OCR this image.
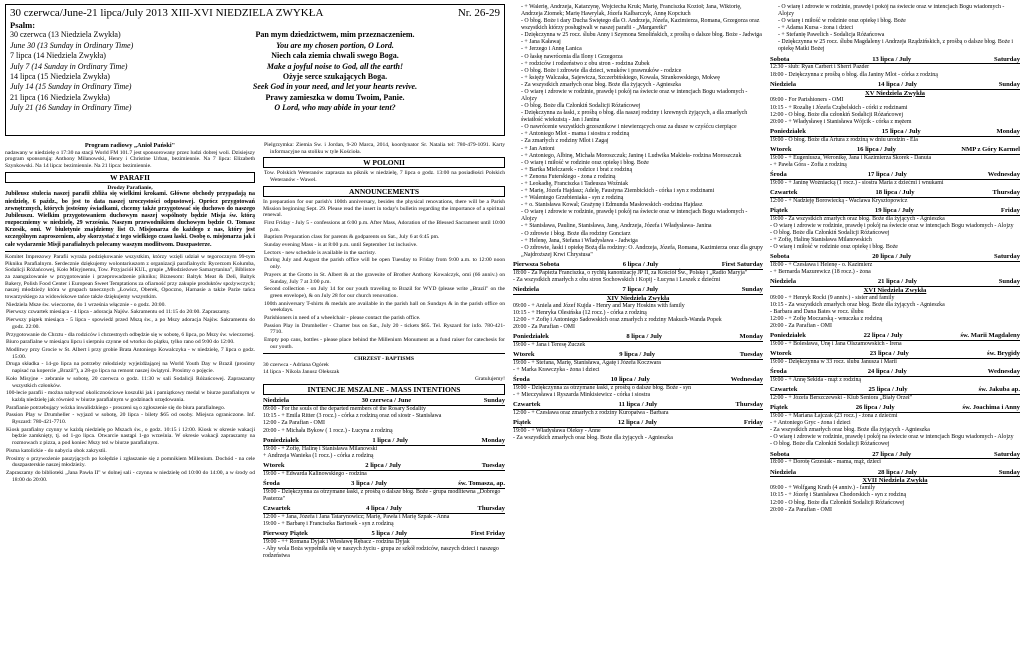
30 czerwca/June-21 lipca/July 2013 XIII-XVI NIEDZIELA ZWYKŁA	Nr. 26-29
Psalm:
30 czerwca (13 Niedziela Zwykła)	Pan mym dziedzictwem, mim przeznaczeniem.
June 30 (13 Sunday in Ordinary Time)	You are my chosen portion, O Lord.
7 lipca (14 Niedziela Zwykła)	Niech cała ziemia chwali swego Boga.
July 7 (14 Sunday in Ordinary Time)	Make a joyful noise to God, all the earth!
14 lipca (15 Niedziela Zwykła)	Ożyje serce szukających Boga.
July 14 (15 Sunday in Ordinary Time)	Seek God in your need, and let your hearts revive.
21 lipca (16 Niedziela Zwykła)	Prawy zamieszka w domu Twoim, Panie.
July 21 (16 Sunday in Ordinary Time)	O Lord, who may abide in your tent?
Program radiowy „Anioł Pański"

nadawany w niedzielę o 17:30 na stacji World FM 101.7 jest sponsorowany przez ludzi dobrej woli. Dzisiejszy program sponsorują: Anthony Milanowski, Henry i Christine Urban, bezimiennie. Na 7 lipca: Elizabeth Szynkowski. Na 14 lipca: bezimiennie. Na 21 lipca: bezimiennie.

W PARAFII
Drodzy Parafianie,

Jubileusz stulecia naszej parafii zbliża się wielkimi krokami. Główne obchody przypadają na niedzielę, 6 paźdz., bo jest to data naszej uroczystości odpustowej. Oprócz przygotowań zewnętrznych, których jesteśmy świadkami, chcemy także przygotować się duchowo do naszego Jubileuszu. Wielkim przygotowaniem duchowym naszej wspólnoty będzie Misja św. którą rozpoczniemy w niedzielę, 29 września. Naszym przewodnikiem duchowym będzie O. Tomasz Krzesik, omi. W biuletynie znajdziemy list O. Misjonarza do każdego z nas, który jest szczególnym zaproszeniem, aby skorzystać z tego wielkiego czasu łaski. Osobę o. misjonarza jak i całe wydarzenie Misji parafialnych polecamy waszym modlitwom. Duszpasterze.

Komitet Imprezowy Parafii wyraża podziękowanie wszystkim, którzy wzięli udział w tegorocznym 99-tym Pikniku Parafialnym. Serdecznie dziękujemy wolontariuszom z organizacji parafialnych: Rycerzom Kolumba, Sodalicji Różańcowej, Koło Misyjnemu, Tow. Przyjaciół KUL, grupie „Młodzieżowe Samarytanina", Biblistce za zaangażowanie w przygotowanie i przeprowadzenie pikniku; Biznesom: Baltyk Meat & Deli, Baltyk Bakery, Polish Food Center i European Sweet Temptations za ofiarność przy zakupie produktów spożywczych; naszej młodzieży która w grupach tanecznych „Łowicz, Oberek, Opoczno, Harnasie a także Parże tańca towarzyskiego za widowiskowe tańce także dziękujemy wszystkim.

Niedziela Msze św. wieczorne, do 1 września włącznie - o godz. 20:00.

Pierwszy czwartek miesiąca - 4 lipca - adoracja Najśw. Sakramentu od 11:15 do 20:00. Zapraszamy.

Pierwszy piątek miesiąca - 5 lipca - spowiedź przed Mszą św., a po Mszy adoracja Najśw. Sakramentu do godz. 22:00.

Przygotowanie do Chrztu - dla rodziców i chrzestnych odbędzie się w sobotę, 6 lipca, po Mszy św. wieczornej.

Biuro parafialne w miesiącu lipcu i sierpniu czynne od wtorku do piątku, tylko rano od 9:00 do 12:00.

Modlitwy przy Grocie w St. Albert i przy grobie Brata Antoniego Kowalczyka - w niedzielę, 7 lipca o godz. 15:00.

Druga składka - 14-go lipca na potrzeby młodzieży wyjeżdżającej na World Youth Day w Brazil (prosimy napisać na kopercie „Brazil"), a 28-go lipca na remont naszej świątyni. Prosimy o pojęcie.

Koło Misyjne - zebranie w sobotę, 20 czerwca o godz. 11:30 w sali Sodalicji Różańcowej. Zapraszamy wszystkich członków.

100-lecie parafii - można nabywać okolicznościowe koszulki jak i pamiątkowy medal w biurze parafialnym w każdą niedzielę jak również w biurze parafialnym w godzinach urzędowania.

Parafianie potrzebujący wózka inwalidzkiego - proszeni są o zgłoszenie się do biura parafialnego.

Passion Play w Drumheller - wyjazd w sobotę, 20 lipca - bilety $65 od osoby. Miejsca ograniczone. Inf. Ryszard: 780-421-7710.

Kiosk parafialny czynny w każdą niedzielę po Mszach św., o godz. 10:15 i 12:00. Kiosk w okresie wakacji będzie zamknięty, tj. od 1-go lipca. Otwarcie nastąpi 1-go września. W okresie wakacji zapraszamy na rozmowach z pizza, a pod koniec Mszy też w biurze parafialnym.

Pisma katolickie - do nabycia obok zakrystii.

Prosimy o przywożenie pauzyjących po kolędzie i zgłaszanie się z pomnikiem Millenium. Dochód - na cele duszpasterskie naszej młodzieży.

Zapraszamy do biblioteki „Jana Pawła II" w dolnej sali - czynna w niedzielę od 10:00 do 14:00, a w środy od 18:00 do 20:00.

Pielgrzymka: Ziemia Św. i Jordan, 9-20 Marca, 2014, koordynator Sr. Natalia tel: 780-479-1091. Karty informacyjne na stoliku w tyle Kościoła.

W POLONII

Tow. Polskich Weteranów zaprasza na piknik w niedzielę, 7 lipca o godz. 13:00 na posiadłości Polskich Weteranów - Wawel.

ANNOUNCEMENTS

In preparation for our parish's 100th anniversary, besides the physical renovations, there will be a Parish Mission beginning Sept. 29. Please read the insert in today's bulletin regarding the importance of a spiritual renewal.

First Friday - July 5 - confessions at 6:00 p.m. After Mass, Adoration of the Blessed Sacrament until 10:00 p.m.

Baptism Preparation class for parents & godparents on Sat., July 6 at 6:45 pm.

Sunday evening Mass - is at 8:00 p.m. until September 1st inclusive.

Lectors - new schedule is available in the sacristy.

During July and August the parish office will be open Tuesday to Friday from 9:00 a.m. to 12:00 noon only.

Prayers at the Grotto in St. Albert & at the gravesite of Brother Anthony Kowalczyk, omi (66 anniv.) on Sunday, July 7 at 3:00 p.m.

Second collection - on July 14 for our youth traveling to Brazil for WYD (please write „Brazil" on the green envelope), & on July 28 for our church renovation.

100th anniversary T-shirts & medals are available in the parish hall on Sundays & in the parish office on weekdays.

Parishioners in need of a wheelchair - please contact the parish office.

Passion Play in Drumheller - Charter bus on Sat., July 20 - tickets $65. Tel. Ryszard for info. 780-421-7710.

Empty pop cans, bottles - please place behind the Millenium Monument as a fund raiser for catechesis for our youth.

CHRZEST - BAPTISMS
30 czerwca - Adriana Ogórek
14 lipca - Nikola Janusz Olekszak
Gratulujemy!
INTENCJE MSZALNE - MASS INTENTIONS
Niedziela	30 czerwca / June	Sunday
09:00 - For the souls of the departed members of the Rosary Sodality
10:15 - + Emila Ritter (3 rocz.) - córka z rodziną oraz od siostr - Stanisława
12:00 - Za Parafian - OMI
20:00 - + Michała Bykow ( 1 rocz.) - Łucyna z rodziną
Poniedziałek	1 lipca / July	Monday
19:00 - + Zofię, Halinę i Stanisława Milanowski
+ Andrzeja Wanieka (1 rocz.) - córka z rodziną
Wtorek	2 lipca / July	Tuesday
19:00 - + Edwarda Kalinowskiego - rodzina
Środa	3 lipca / July	św. Tomasza, ap.
19:00 - Dziękczynna za otrzymane łaski, z prośbą o dalsze błog. Boże - grupa modlitewna „Dobrego Pasterza"
Czwartek	4 lipca / July	Thursday
12:00 - + Jana, Józefa i Jana Tatarynowicz; Marię, Pawła i Marię Szpak - Anna
19:00 - + Barbarę i Franciszka Bartosek - syn z rodziną
Pierwszy Piątek	5 lipca / July	First Friday
19:00 - ++ Romana Dyjak i Wiesławę Rębacz - rodzina Dyjak
- Aby wola Boża wypełniła się w naszych życiu - grupa ze szkół rodziców, naszych dzieci i naszego rodzeństwa
- + Walerię, Andrzeja, Katarzynę, Wojciecha Kruk; Marię, Franciszka Kozioł; Jana, Wiktorię, Andrzeja Ziomek; Marię Hawrylak, Józefa Kalbarczyk, Annę Kopciuch
- O błog. Boże i dary Ducha Świętego dla O. Andrzeja, Józefa, Kazimierza, Romana, Grzegorza oraz wszystkich którzy posługiwali w naszej parafii - „Margaretki"
- Dziękczynna w 25 rocz. ślubu Anny i Szymona Smolińskich, z prośbą o dalsze błog. Boże - Jadwiga
- + Jana Kaławaj
- + Jerzego i Annę Lanica
- O łaskę nawrócenia dla Ilony i Grzegorza
- + rodziców i rodzeństwo z obu stron - rodzina Zubek
- O błog. Boże i zdrowie dla dzieci, wnuków i prawnuków - rodzice
- + księży Walczaka, Sajewicza, Szczerbińskiego, Kowala, Strankowskiego, Mokwę
- Za wszystkich zmarłych oraz błog. Boże dla żyjących - Agnieszka
- O wiarę i zdrowie w rodzinie, prawdę i pokój na świecie oraz w intencjach Bogu wiadomych - Alojzy
- O błog. Boże dla Członkiń Sodalicji Różańcowej
- Dziękczynna za łaski, z prośbą o błog. dla naszej rodziny i krewnych żyjących, a dla zmarłych światłość wiekuistą - Jan i Janina
- O nawrócenie wszystkich grzesznikow i niewierzących oraz za dusze w czyśćcu cierpiące
- + Antoniego Mlot - mama i siostra z rodziną
- Za zmarłych z rodziny Mlot i Zagaj
- + Jan Antoni
- + Antoniego, Albinę, Michała Moroszczuk; Janinę i Ludwika Makieła- rodzina Moroszczuk
- O wiarę i miłość w rodzinie oraz opiekę i błog. Boże
- + Bartka Mielczarek - rodzice i brat z rodziną
- + Zenona Futerskiego - żona z rodziną
- + Leokadię, Franciszka i Tadeusza Woźniak
- + Marię, Józefa Hajdasz; Adelę, Faustyna Ziembickich - córka i syn z rodzinami
- + Walentego Grzebieniaka - syn z rodziną
- + o. Stanisława Kowal; Grażynę i Edmunda Masłowskich -rodzina Hajdasz
- O wiarę i zdrowie w rodzinie, prawdę i pokój na świecie oraz w intencjach Bogu wiadomych - Alojzy
- + Stanisława, Pauline, Stanisława, Janę, Andrzeja, Józefa i Władysława- Janina
- O zdrowie i błog. Boże dla rodziny Gonciarz
- + Helenę, Jana, Stefana i Władysława - Jadwiga
- O zdrowie, łaski i opiekę Bożą dla rodziny: O. Andrzeja, Józefa, Romana, Kazimierza oraz dla grupy „Najdroższej Krwi Chrystusa"
Pierwsza Sobota	6 lipca / July	First Saturday
18:00 - Za Papieża Franciszka, o rychłą kanonizację JP II, za Kościół Św., Polskę i „Radio Maryja"
- Za wszystkich zmarłych z obu stron Sochowskich i Kopij - Łucyna i Leszek z dziećmi
Niedziela	7 lipca / July	Sunday
XIV Niedziela Zwykła
09:00 - + Aniela and Józef Kujda - Henry and Mary Hoskins with family
10:15 - + Henryka Olesińska (12 rocz.) - córka z rodziną
12:00 - + Zofię i Antoniego Sadowskich oraz zmarłych z rodziny Makuch-Wanda Popek
20:00 - Za Parafian - OMI
Poniedziałek	8 lipca / July	Monday
19:00 - + Jana i Teresę Żuczek
Wtorek	9 lipca / July	Tuesday
19:00 - + Stefana, Marię, Stanisława, Agatę i Józefa Koczwara
- + Marka Krawczyka - żona i dzieci
Środa	10 lipca / July	Wednesday
19:00 - Dziękczynna za otrzymane łaski, z prośbą o dalsze błog. Boże - syn
- + Mieczysława i Ryszarda Minkisiewicz - córka i siostra
Czwartek	11 lipca / July	Thursday
12:00 - + Czesława oraz zmarłych z rodziny Kuropatwa - Barbara
Piątek	12 lipca / July	Friday
19:00 - + Władysława Oleksy - Anne
- Za wszystkich zmarłych oraz błog. Boże dla żyjących - Agnieszka
- O wiarę i zdrowie w rodzinie, prawdę i pokój na świecie oraz w intencjach Bogu wiadomych - Alojzy
- O wiarę i miłość w rodzinie oraz opiekę i błog. Boże
- + Adama Kursa - żona i dzieci
- + Stefanię Pawelich - Sodalicja Różańcowa
- Dziękczynna w 25 rocz. ślubu Magdaleny i Andrzeja Rządzińskich, z prośbą o dalsze błog. Boże i opiekę Matki Bożej
Sobota	13 lipca / July	Saturday
12:30 - ślub: Ryan Carbert i Sherri Pazder
18:00 - Dziękczynna z prośbą o błog. dla Janiny Mlot - córka z rodziną
Niedziela	14 lipca / July	Sunday
XV Niedziela Zwykła
09:00 - For Parishioners - OMI
10:15 - + Rozalię i Józefa Cząbelskich - córki z rodzinami
12:00 - O błog. Boże dla członkiń Sodalicji Różańcowej
20:00 - + Władysławę i Stanisława Wójcik - córka z mężem
Poniedziałek	15 lipca / July	Monday
19:00 - O błog. Boże dla Artura z rodziną w dniu urodzin - Ela
Wtorek	16 lipca / July	NMP z Góry Karmel
19:00 - + Eugeniusza, Weronikę, Jana i Kazimierza Skorek - Danuta
- + Pawła Góra - Zofia z rodziną
Środa	17 lipca / July	Wednesday
19:00 - + Janinę Woźniacką (1 rocz.) - siostra Maria z dziećmi i wnukami
Czwartek	18 lipca / July	Thursday
12:00 - + Nadzieję Borowiecką - Waclawa Krysztopowicz
Piątek	19 lipca / July	Friday
19:00 - Za wszystkich zmarłych oraz błog. Boże dla żyjących - Agnieszka
- O wiarę i zdrowie w rodzinie, prawdę i pokój na świecie oraz w intencjach Bogu wiadomych - Alojzy
- O błog. Boże dla Członkiń Sodalicji Różańcowej
- + Zofię, Halinę Stanisława Milanowskich
- O wiarę i miłość w rodzinie oraz opiekę i błog. Boże
Sobota	20 lipca / July	Saturday
18:00 - + Czesława i Helenę - o. Kazimierz
- + Bernarda Mazurewicz (18 rocz.) - żona
Niedziela	21 lipca / July	Sunday
XVI Niedziela Zwykła
09:00 - + Henryk Rocki (9 anniv.) - sister and family
10:15 - Za wszystkich zmarłych oraz błog. Boże dla żyjących - Agnieszka
- Barbara and Dana Bates w rocz. ślubu
12:00 - + Zofię Moczarską - wnuczka z rodziną
20:00 - Za Parafian - OMI
Poniedziałek	22 lipca / July	św. Marii Magdaleny
19:00 - + Bolesława, Unę i Jana Olszamowskich - Irena
Wtorek	23 lipca / July	św. Brygidy
19:00 - Dziękczynna w 33 rocz. ślubu Janusza i Marii
Środa	24 lipca / July	Wednesday
19:00 - + Annę Sekida - mąż z rodziną
Czwartek	25 lipca / July	św. Jakuba ap.
12:00 - + Józefa Berszczewski - Klub Seniora „Biały Orzeł"
Piątek	26 lipca / July	św. Joachima i Anny
19:00 - + Mariana Łajczak (23 rocz.) - żona z dziećmi
- + Antoniego Gryc - żona i dzieci
- Za wszystkich zmarłych oraz błog. Boże dla żyjących - Agnieszka
- O wiarę i zdrowie w rodzinie, prawdę i pokój na świecie oraz w intencjach Bogu wiadomych - Alojzy
- O błog. Boże dla Członkiń Sodalicji Różańcowej
Sobota	27 lipca / July	Saturday
18:00 - + Dorotę Grzesiak - mama, mąż, dzieci
Niedziela	28 lipca / July	Sunday
XVII Niedziela Zwykła
09:00 - + Wolfgang Krath (4 anniv.) - family
10:15 - + Józefę i Stanisława Chodorskich - syn z rodziną
12:00 - O błog. Boże dla Członkiń Sodalicji Różańcowej
20:00 - Za Parafian - OMI
